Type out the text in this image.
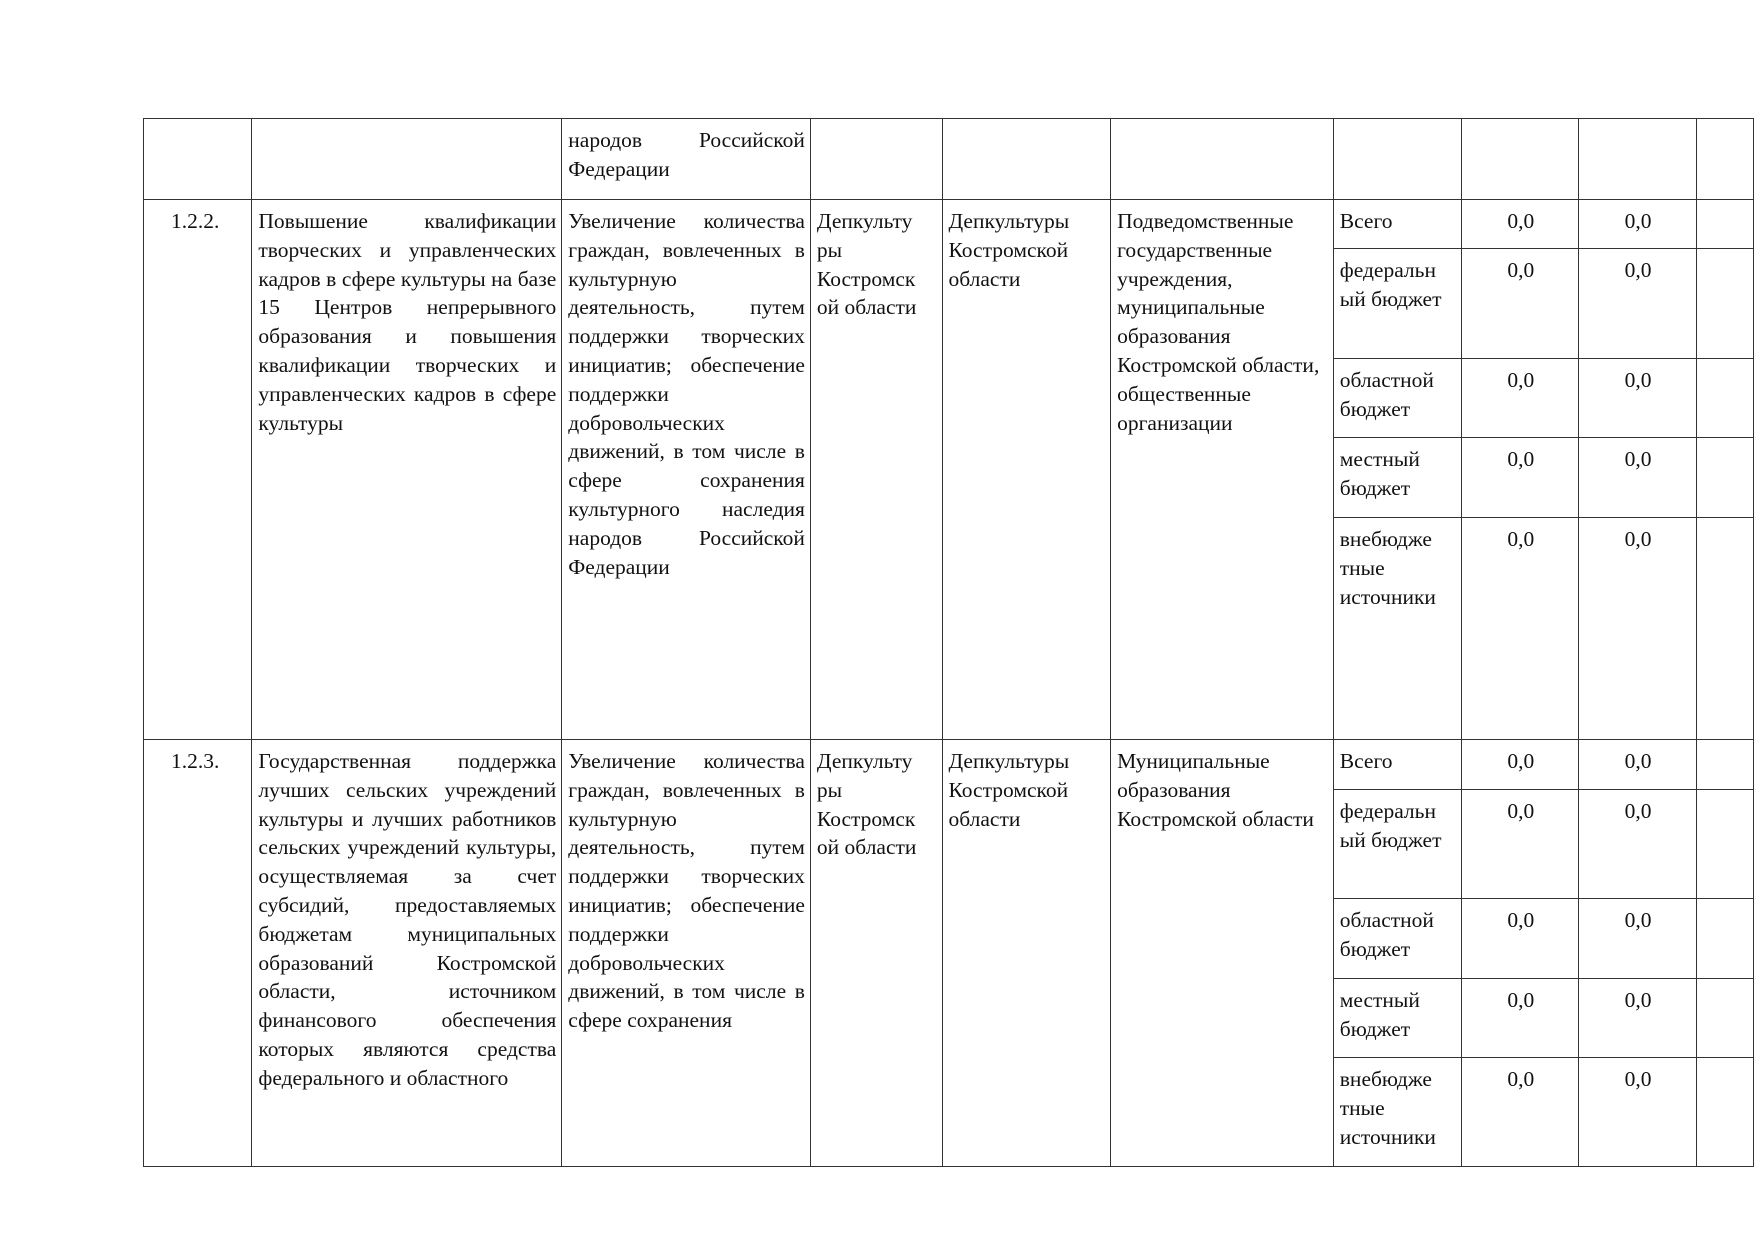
		народов Российской Федерации							
1.2.2.	Повышение квалификации творческих и управленческих кадров в сфере культуры на базе 15 Центров непрерывного образования и повышения квалификации творческих и управленческих кадров в сфере культуры	Увеличение количества граждан, вовлеченных в культурную деятельность, путем поддержки творческих инициатив; обеспечение поддержки добровольческих движений, в том числе в сфере сохранения культурного наследия народов Российской Федерации	Депкульту ры Костромск ой области	Депкультуры Костромской области	Подведомственные государственные учреждения, муниципальные образования Костромской области, общественные организации	Всего	0,0	0,0	
						федеральн ый бюджет	0,0	0,0	
						областной бюджет	0,0	0,0	
						местный бюджет	0,0	0,0	
						внебюдже тные источники	0,0	0,0	
1.2.3.	Государственная поддержка лучших сельских учреждений культуры и лучших работников сельских учреждений культуры, осуществляемая за счет субсидий, предоставляемых бюджетам муниципальных образований Костромской области, источником финансового обеспечения которых являются средства федерального и областного	Увеличение количества граждан, вовлеченных в культурную деятельность, путем поддержки творческих инициатив; обеспечение поддержки добровольческих движений, в том числе в сфере сохранения	Депкульту ры Костромск ой области	Депкультуры Костромской области	Муниципальные образования Костромской области	Всего	0,0	0,0	
						федеральн ый бюджет	0,0	0,0	
						областной бюджет	0,0	0,0	
						местный бюджет	0,0	0,0	
						внебюдже тные источники	0,0	0,0	
